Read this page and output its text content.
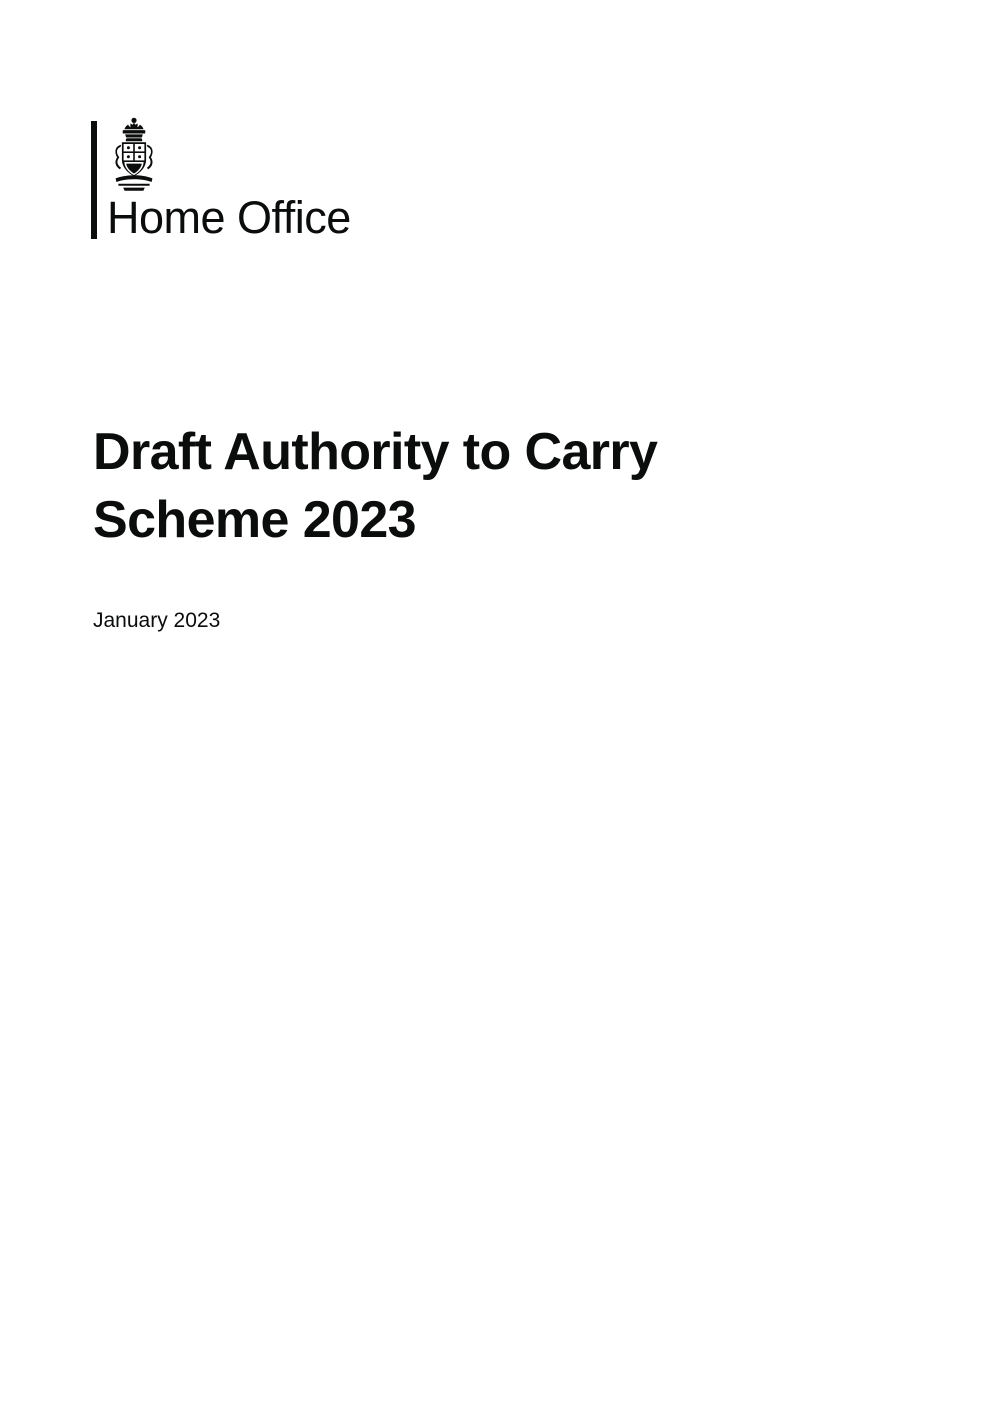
Home Office
Draft Authority to Carry
Scheme 2023

January 2023
